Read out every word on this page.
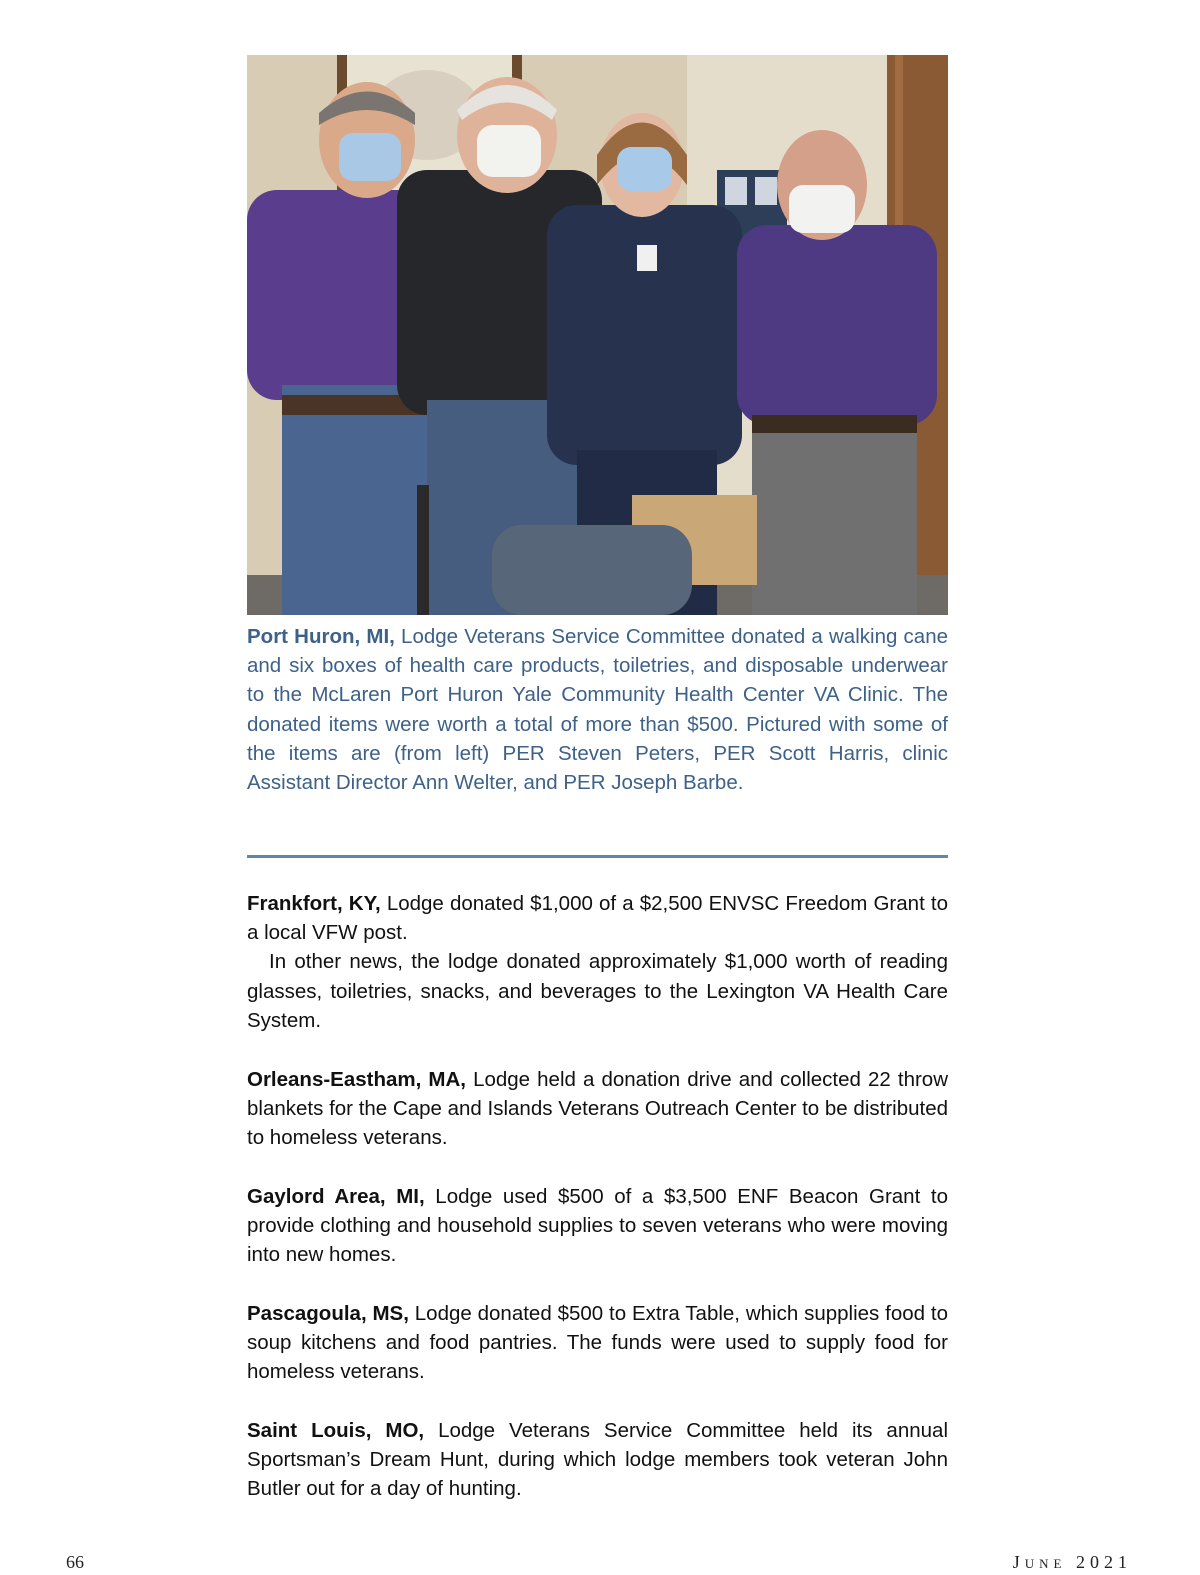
Port Huron, MI, Lodge Veterans Service Committee donated a walking cane and six boxes of health care products, toiletries, and disposable underwear to the McLaren Port Huron Yale Community Health Center VA Clinic. The donated items were worth a total of more than $500. Pictured with some of the items are (from left) PER Steven Peters, PER Scott Harris, clinic Assistant Director Ann Welter, and PER Joseph Barbe.

Frankfort, KY, Lodge donated $1,000 of a $2,500 ENVSC Freedom Grant to a local VFW post.

In other news, the lodge donated approximately $1,000 worth of reading glasses, toiletries, snacks, and beverages to the Lexington VA Health Care System.

Orleans-Eastham, MA, Lodge held a donation drive and collected 22 throw blankets for the Cape and Islands Veterans Outreach Center to be distributed to homeless veterans.

Gaylord Area, MI, Lodge used $500 of a $3,500 ENF Beacon Grant to provide clothing and household supplies to seven veterans who were moving into new homes.

Pascagoula, MS, Lodge donated $500 to Extra Table, which supplies food to soup kitchens and food pantries. The funds were used to supply food for homeless veterans.

Saint Louis, MO, Lodge Veterans Service Committee held its annual Sportsman’s Dream Hunt, during which lodge members took veteran John Butler out for a day of hunting.

66	June 2021
